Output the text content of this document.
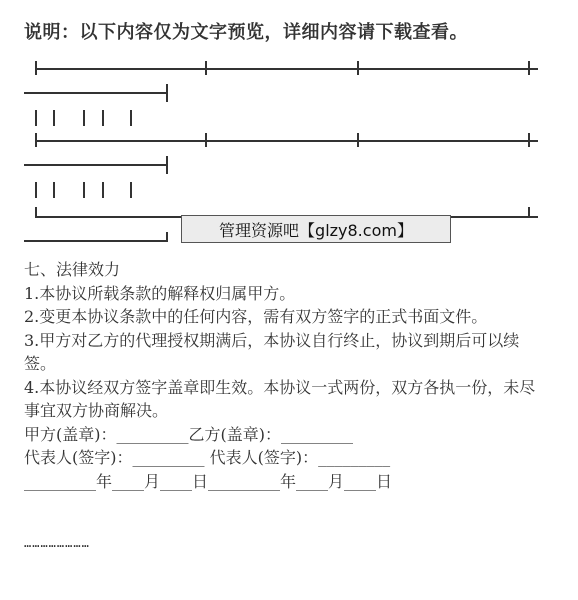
说明：以下内容仅为文字预览，详细内容请下载查看。
管理资源吧【glzy8.com】

七、法律效力

1.本协议所载条款的解释权归属甲方。

2.变更本协议条款中的任何内容，需有双方签字的正式书面文件。

3.甲方对乙方的代理授权期满后，本协议自行终止，协议到期后可以续签。

4.本协议经双方签字盖章即生效。本协议一式两份，双方各执一份，未尽事宜双方协商解决。

甲方(盖章)：_________乙方(盖章)：_________

代表人(签字)：_________ 代表人(签字)：_________

_________年____月____日_________年____月____日

……………………
